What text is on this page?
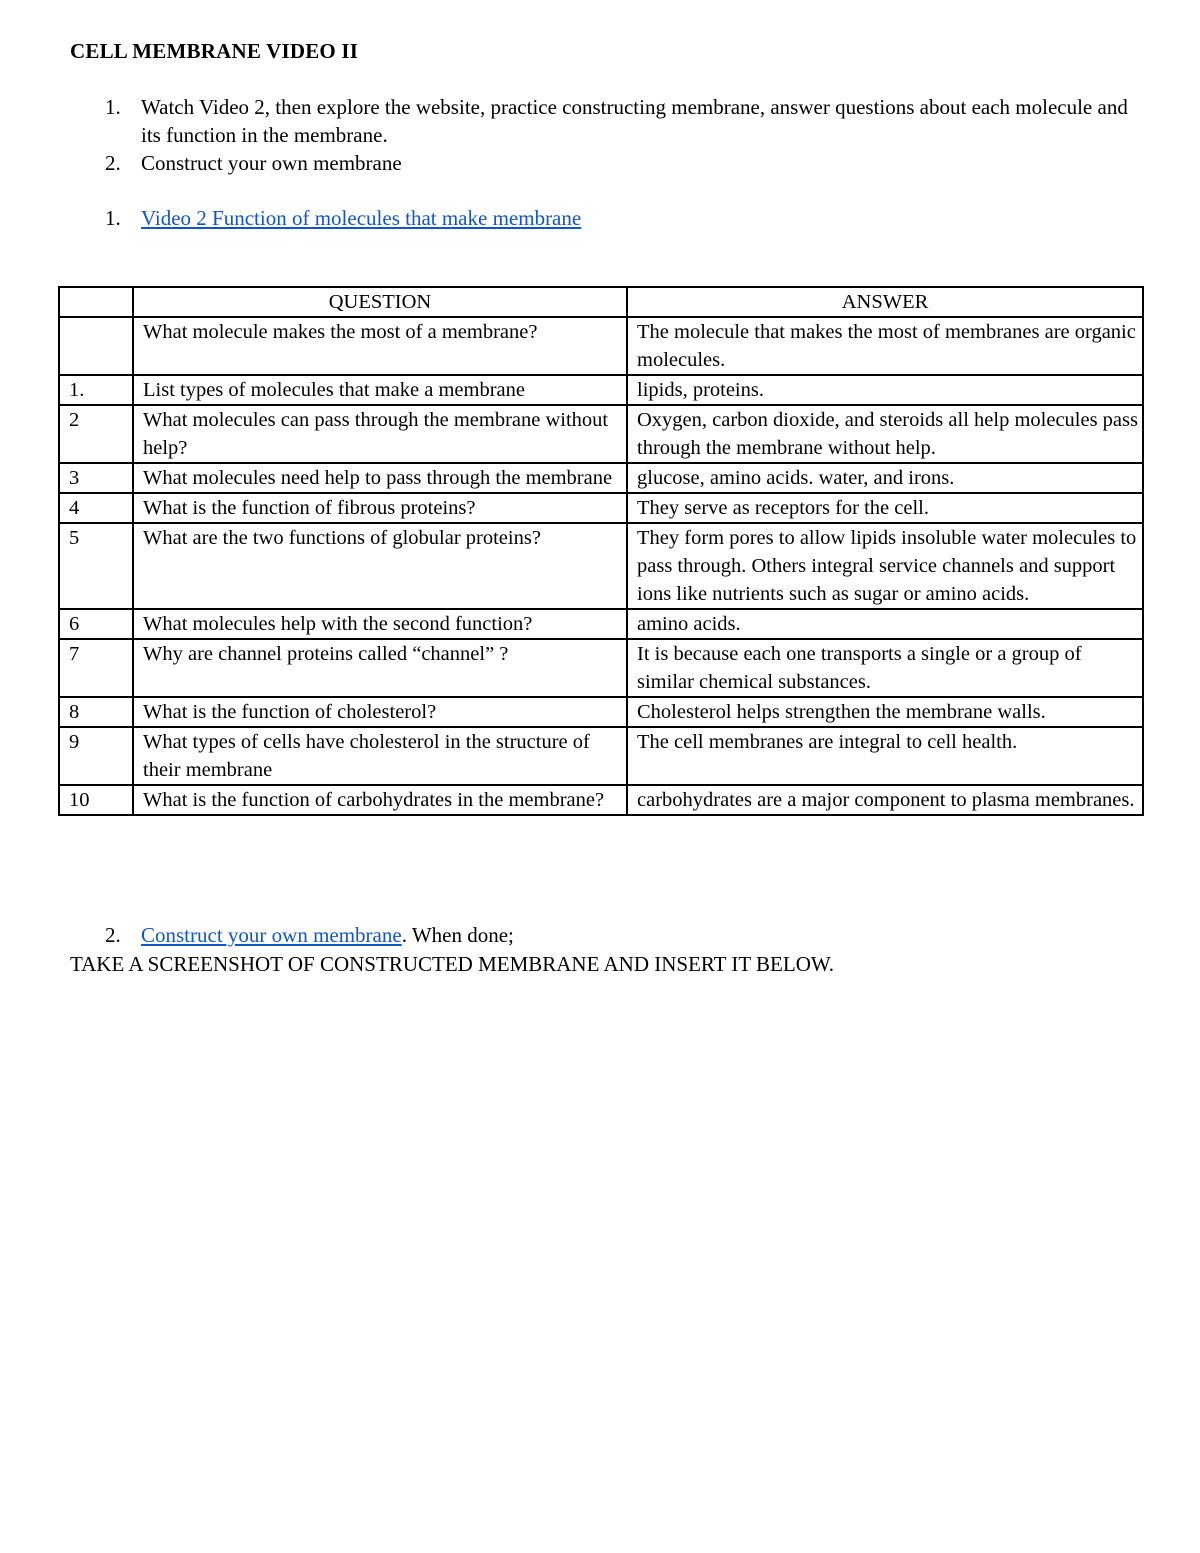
CELL MEMBRANE VIDEO II
1. Watch Video 2, then explore the website, practice constructing membrane, answer questions about each molecule and its function in the membrane.
2. Construct your own membrane
1. Video 2 Function of molecules that make membrane
	QUESTION	ANSWER
	What molecule makes the most of a membrane?	The molecule that makes the most of membranes are organic molecules.
1.	List types of molecules that make a membrane	lipids, proteins.
2	What molecules can pass through the membrane without help?	Oxygen, carbon dioxide, and steroids all help molecules pass through the membrane without help.
3	What molecules need help to pass through the membrane	glucose, amino acids. water, and irons.
4	What is the function of fibrous proteins?	They serve as receptors for the cell.
5	What are the two functions of globular proteins?	They form pores to allow lipids insoluble water molecules to pass through. Others integral service channels and support ions like nutrients such as sugar or amino acids.
6	What molecules help with the second function?	amino acids.
7	Why are channel proteins called “channel” ?	It is because each one transports a single or a group of similar chemical substances.
8	What is the function of cholesterol?	Cholesterol helps strengthen the membrane walls.
9	What types of cells have cholesterol in the structure of their membrane	The cell membranes are integral to cell health.
10	What is the function of carbohydrates in the membrane?	carbohydrates are a major component to plasma membranes.
2. Construct your own membrane. When done;
TAKE A SCREENSHOT OF CONSTRUCTED MEMBRANE AND INSERT IT BELOW.
